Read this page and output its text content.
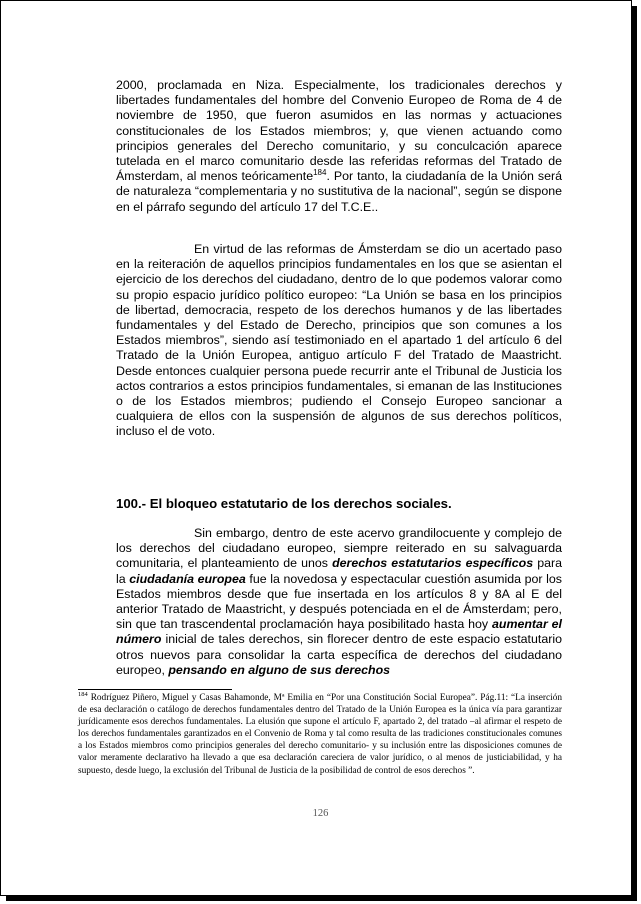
2000, proclamada en Niza. Especialmente, los tradicionales derechos y libertades fundamentales del hombre del Convenio Europeo de Roma de 4 de noviembre de 1950, que fueron asumidos en las normas y actuaciones constitucionales de los Estados miembros; y, que vienen actuando como principios generales del Derecho comunitario, y su conculcación aparece tutelada en el marco comunitario desde las referidas reformas del Tratado de Ámsterdam, al menos teóricamente$^{184}$. Por tanto, la ciudadanía de la Unión será de naturaleza “complementaria y no sustitutiva de la nacional”, según se dispone en el párrafo segundo del artículo 17 del T.C.E..

En virtud de las reformas de Ámsterdam se dio un acertado paso en la reiteración de aquellos principios fundamentales en los que se asientan el ejercicio de los derechos del ciudadano, dentro de lo que podemos valorar como su propio espacio jurídico político europeo: “La Unión se basa en los principios de libertad, democracia, respeto de los derechos humanos y de las libertades fundamentales y del Estado de Derecho, principios que son comunes a los Estados miembros”, siendo así testimoniado en el apartado 1 del artículo 6 del Tratado de la Unión Europea, antiguo artículo F del Tratado de Maastricht. Desde entonces cualquier persona puede recurrir ante el Tribunal de Justicia los actos contrarios a estos principios fundamentales, si emanan de las Instituciones o de los Estados miembros; pudiendo el Consejo Europeo sancionar a cualquiera de ellos con la suspensión de algunos de sus derechos políticos, incluso el de voto.

100.- El bloqueo estatutario de los derechos sociales.

Sin embargo, dentro de este acervo grandilocuente y complejo de los derechos del ciudadano europeo, siempre reiterado en su salvaguarda comunitaria, el planteamiento de unos derechos estatutarios específicos para la ciudadanía europea fue la novedosa y espectacular cuestión asumida por los Estados miembros desde que fue insertada en los artículos 8 y 8A al E del anterior Tratado de Maastricht, y después potenciada en el de Ámsterdam; pero, sin que tan trascendental proclamación haya posibilitado hasta hoy aumentar el número inicial de tales derechos, sin florecer dentro de este espacio estatutario otros nuevos para consolidar la carta específica de derechos del ciudadano europeo, pensando en alguno de sus derechos

$^{184}$ Rodríguez Piñero, Miguel y Casas Bahamonde, Mª Emilia en “Por una Constitución Social Europea”. Pág.11: “La inserción de esa declaración o catálogo de derechos fundamentales dentro del Tratado de la Unión Europea es la única vía para garantizar jurídicamente esos derechos fundamentales. La elusión que supone el artículo F, apartado 2, del tratado –al afirmar el respeto de los derechos fundamentales garantizados en el Convenio de Roma y tal como resulta de las tradiciones constitucionales comunes a los Estados miembros como principios generales del derecho comunitario- y su inclusión entre las disposiciones comunes de valor meramente declarativo ha llevado a que esa declaración careciera de valor jurídico, o al menos de justiciabilidad, y ha supuesto, desde luego, la exclusión del Tribunal de Justicia de la posibilidad de control de esos derechos ”.

126
